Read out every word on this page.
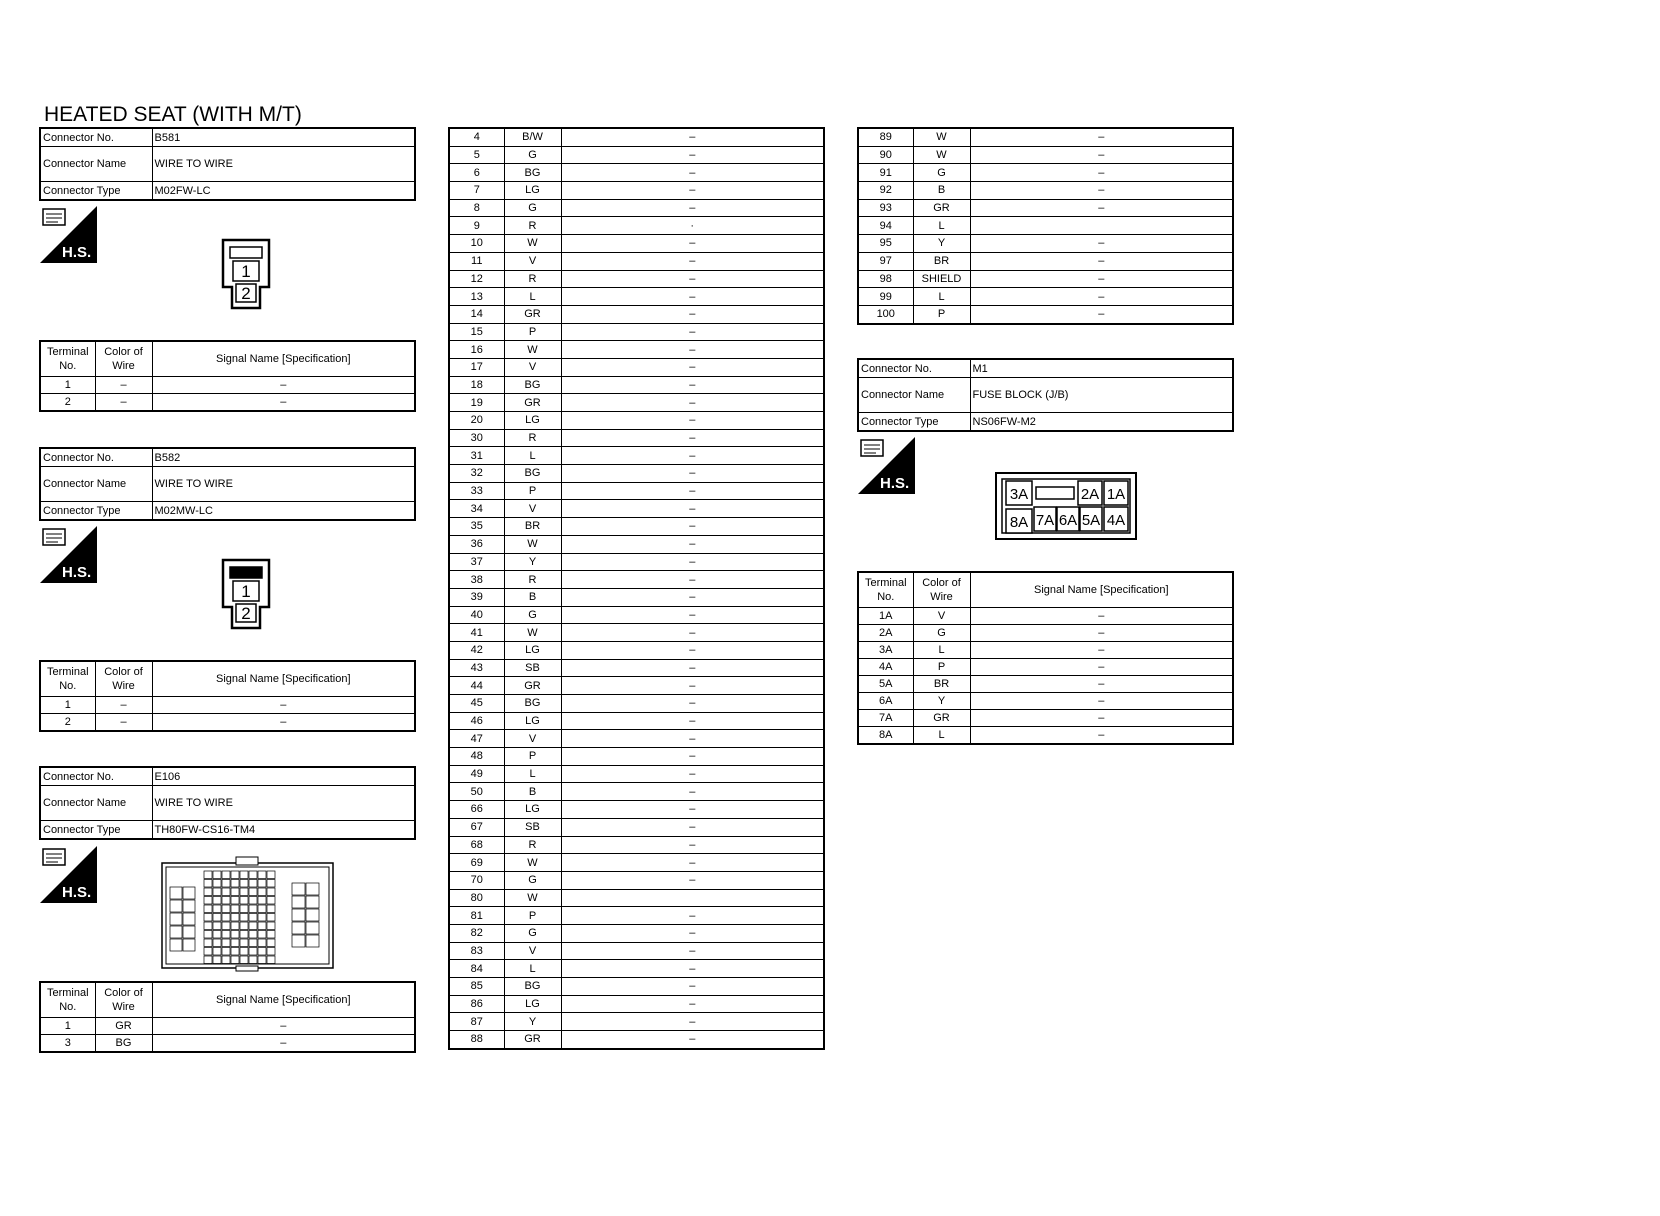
HEATED SEAT (WITH M/T)
Connector No.	B581
Connector Name	WIRE TO WIRE
Connector Type	M02FW-LC
H.S.
1
2
Terminal No.	Color of Wire	Signal Name [Specification]
1	–	–
2	–	–
Connector No.	B582
Connector Name	WIRE TO WIRE
Connector Type	M02MW-LC
H.S.
1
2
Terminal No.	Color of Wire	Signal Name [Specification]
1	–	–
2	–	–
Connector No.	E106
Connector Name	WIRE TO WIRE
Connector Type	TH80FW-CS16-TM4
H.S.
Terminal No.	Color of Wire	Signal Name [Specification]
1	GR	–
3	BG	–
4	B/W	–
5	G	–
6	BG	–
7	LG	–
8	G	–
9	R	·
10	W	–
11	V	–
12	R	–
13	L	–
14	GR	–
15	P	–
16	W	–
17	V	–
18	BG	–
19	GR	–
20	LG	–
30	R	–
31	L	–
32	BG	–
33	P	–
34	V	–
35	BR	–
36	W	–
37	Y	–
38	R	–
39	B	–
40	G	–
41	W	–
42	LG	–
43	SB	–
44	GR	–
45	BG	–
46	LG	–
47	V	–
48	P	–
49	L	–
50	B	–
66	LG	–
67	SB	–
68	R	–
69	W	–
70	G	–
80	W	
81	P	–
82	G	–
83	V	–
84	L	–
85	BG	–
86	LG	–
87	Y	–
88	GR	–
89	W	–
90	W	–
91	G	–
92	B	–
93	GR	–
94	L	
95	Y	–
97	BR	–
98	SHIELD	–
99	L	–
100	P	–
Connector No.	M1
Connector Name	FUSE BLOCK (J/B)
Connector Type	NS06FW-M2
H.S.
3A	2A 1A
8A 7A 6A 5A 4A
Terminal No.	Color of Wire	Signal Name [Specification]
1A	V	–
2A	G	–
3A	L	–
4A	P	–
5A	BR	–
6A	Y	–
7A	GR	–
8A	L	–
